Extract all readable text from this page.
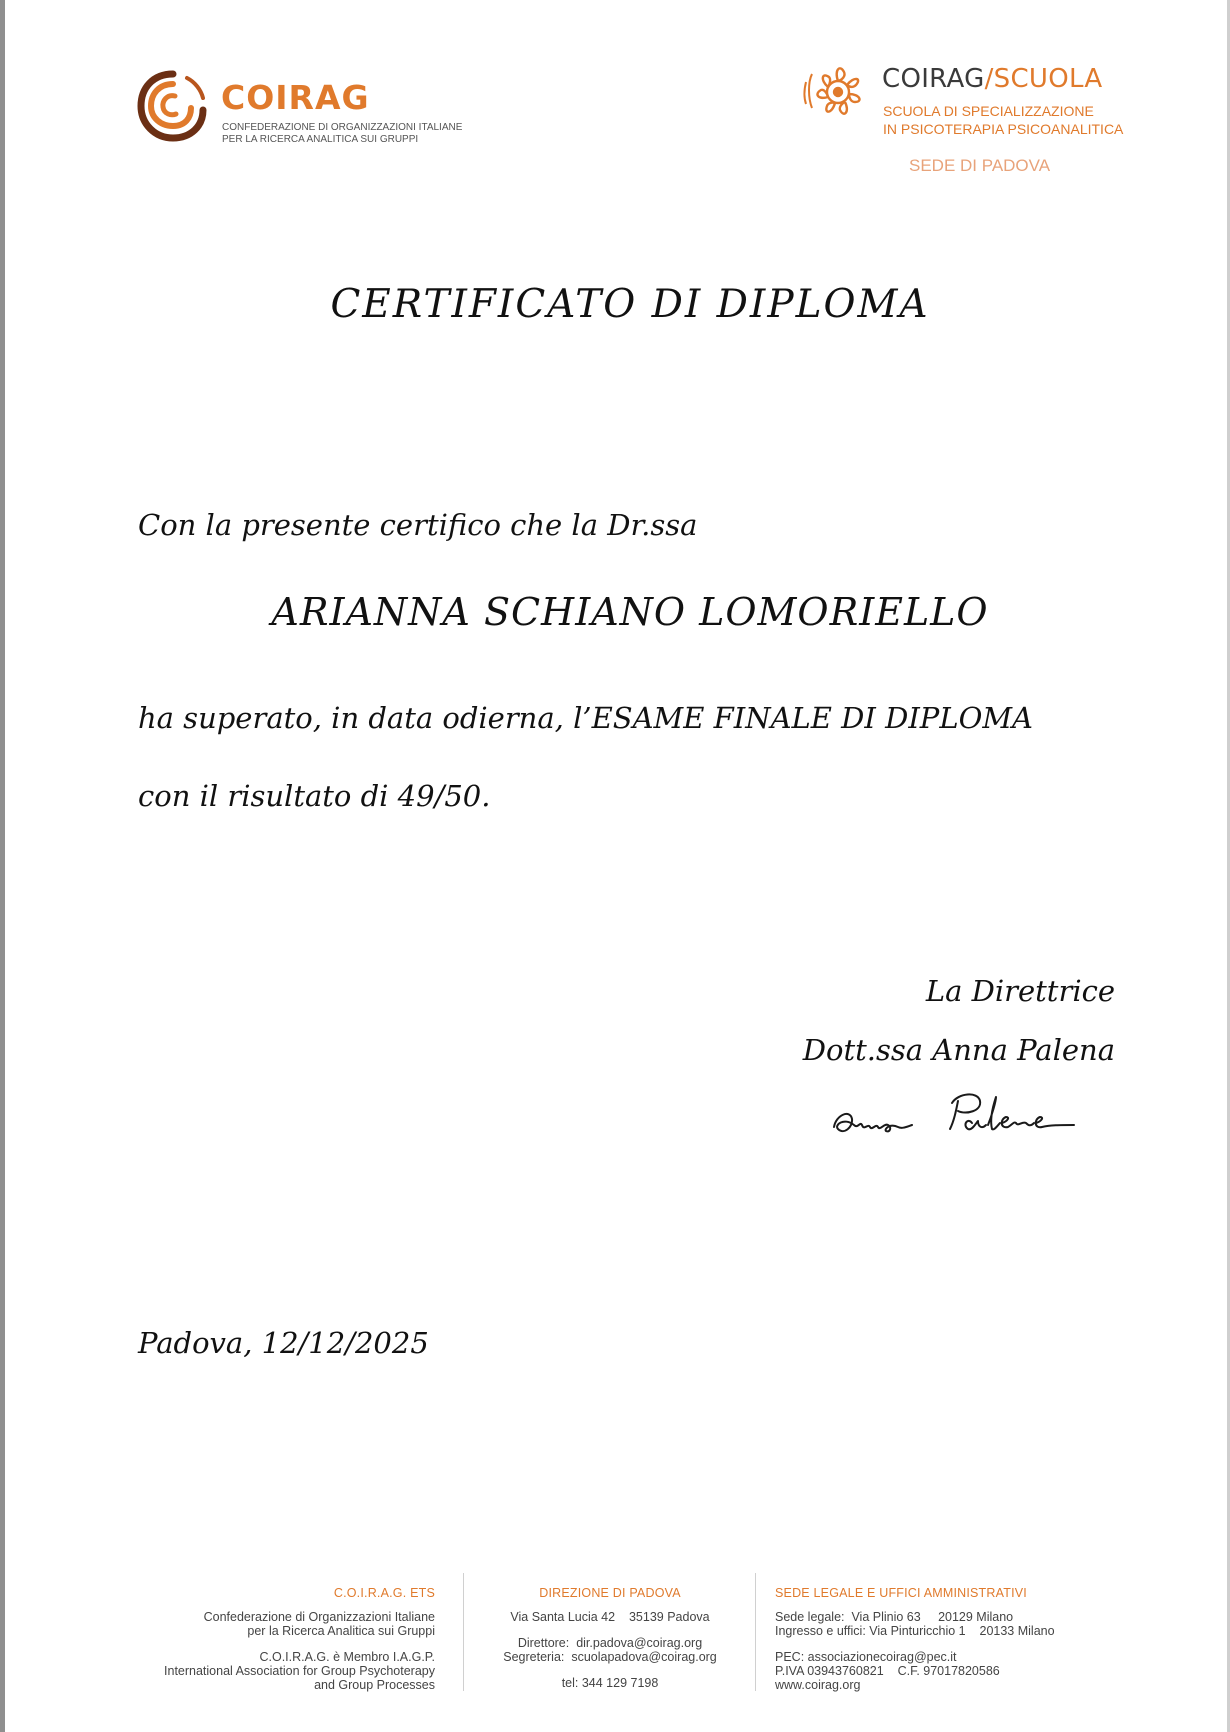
COIRAG
CONFEDERAZIONE DI ORGANIZZAZIONI ITALIANE
PER LA RICERCA ANALITICA SUI GRUPPI
COIRAG/SCUOLA
SCUOLA DI SPECIALIZZAZIONE
IN PSICOTERAPIA PSICOANALITICA
SEDE DI PADOVA
CERTIFICATO DI DIPLOMA
Con la presente certifico che la Dr.ssa
ARIANNA SCHIANO LOMORIELLO
ha superato, in data odierna, l’ESAME FINALE DI DIPLOMA
con il risultato di 49/50.
La Direttrice
Dott.ssa Anna Palena
Padova, 12/12/2025
C.O.I.R.A.G. ETS
Confederazione di Organizzazioni Italiane
per la Ricerca Analitica sui Gruppi
C.O.I.R.A.G. è Membro I.A.G.P.
International Association for Group Psychoterapy
and Group Processes
DIREZIONE DI PADOVA
Via Santa Lucia 42    35139 Padova
Direttore: dir.padova@coirag.org
Segreteria: scuolapadova@coirag.org
tel: 344 129 7198
SEDE LEGALE E UFFICI AMMINISTRATIVI
Sede legale:  Via Plinio 63     20129 Milano
Ingresso e uffici: Via Pinturicchio 1    20133 Milano
PEC: associazionecoirag@pec.it
P.IVA 03943760821    C.F. 97017820586
www.coirag.org
